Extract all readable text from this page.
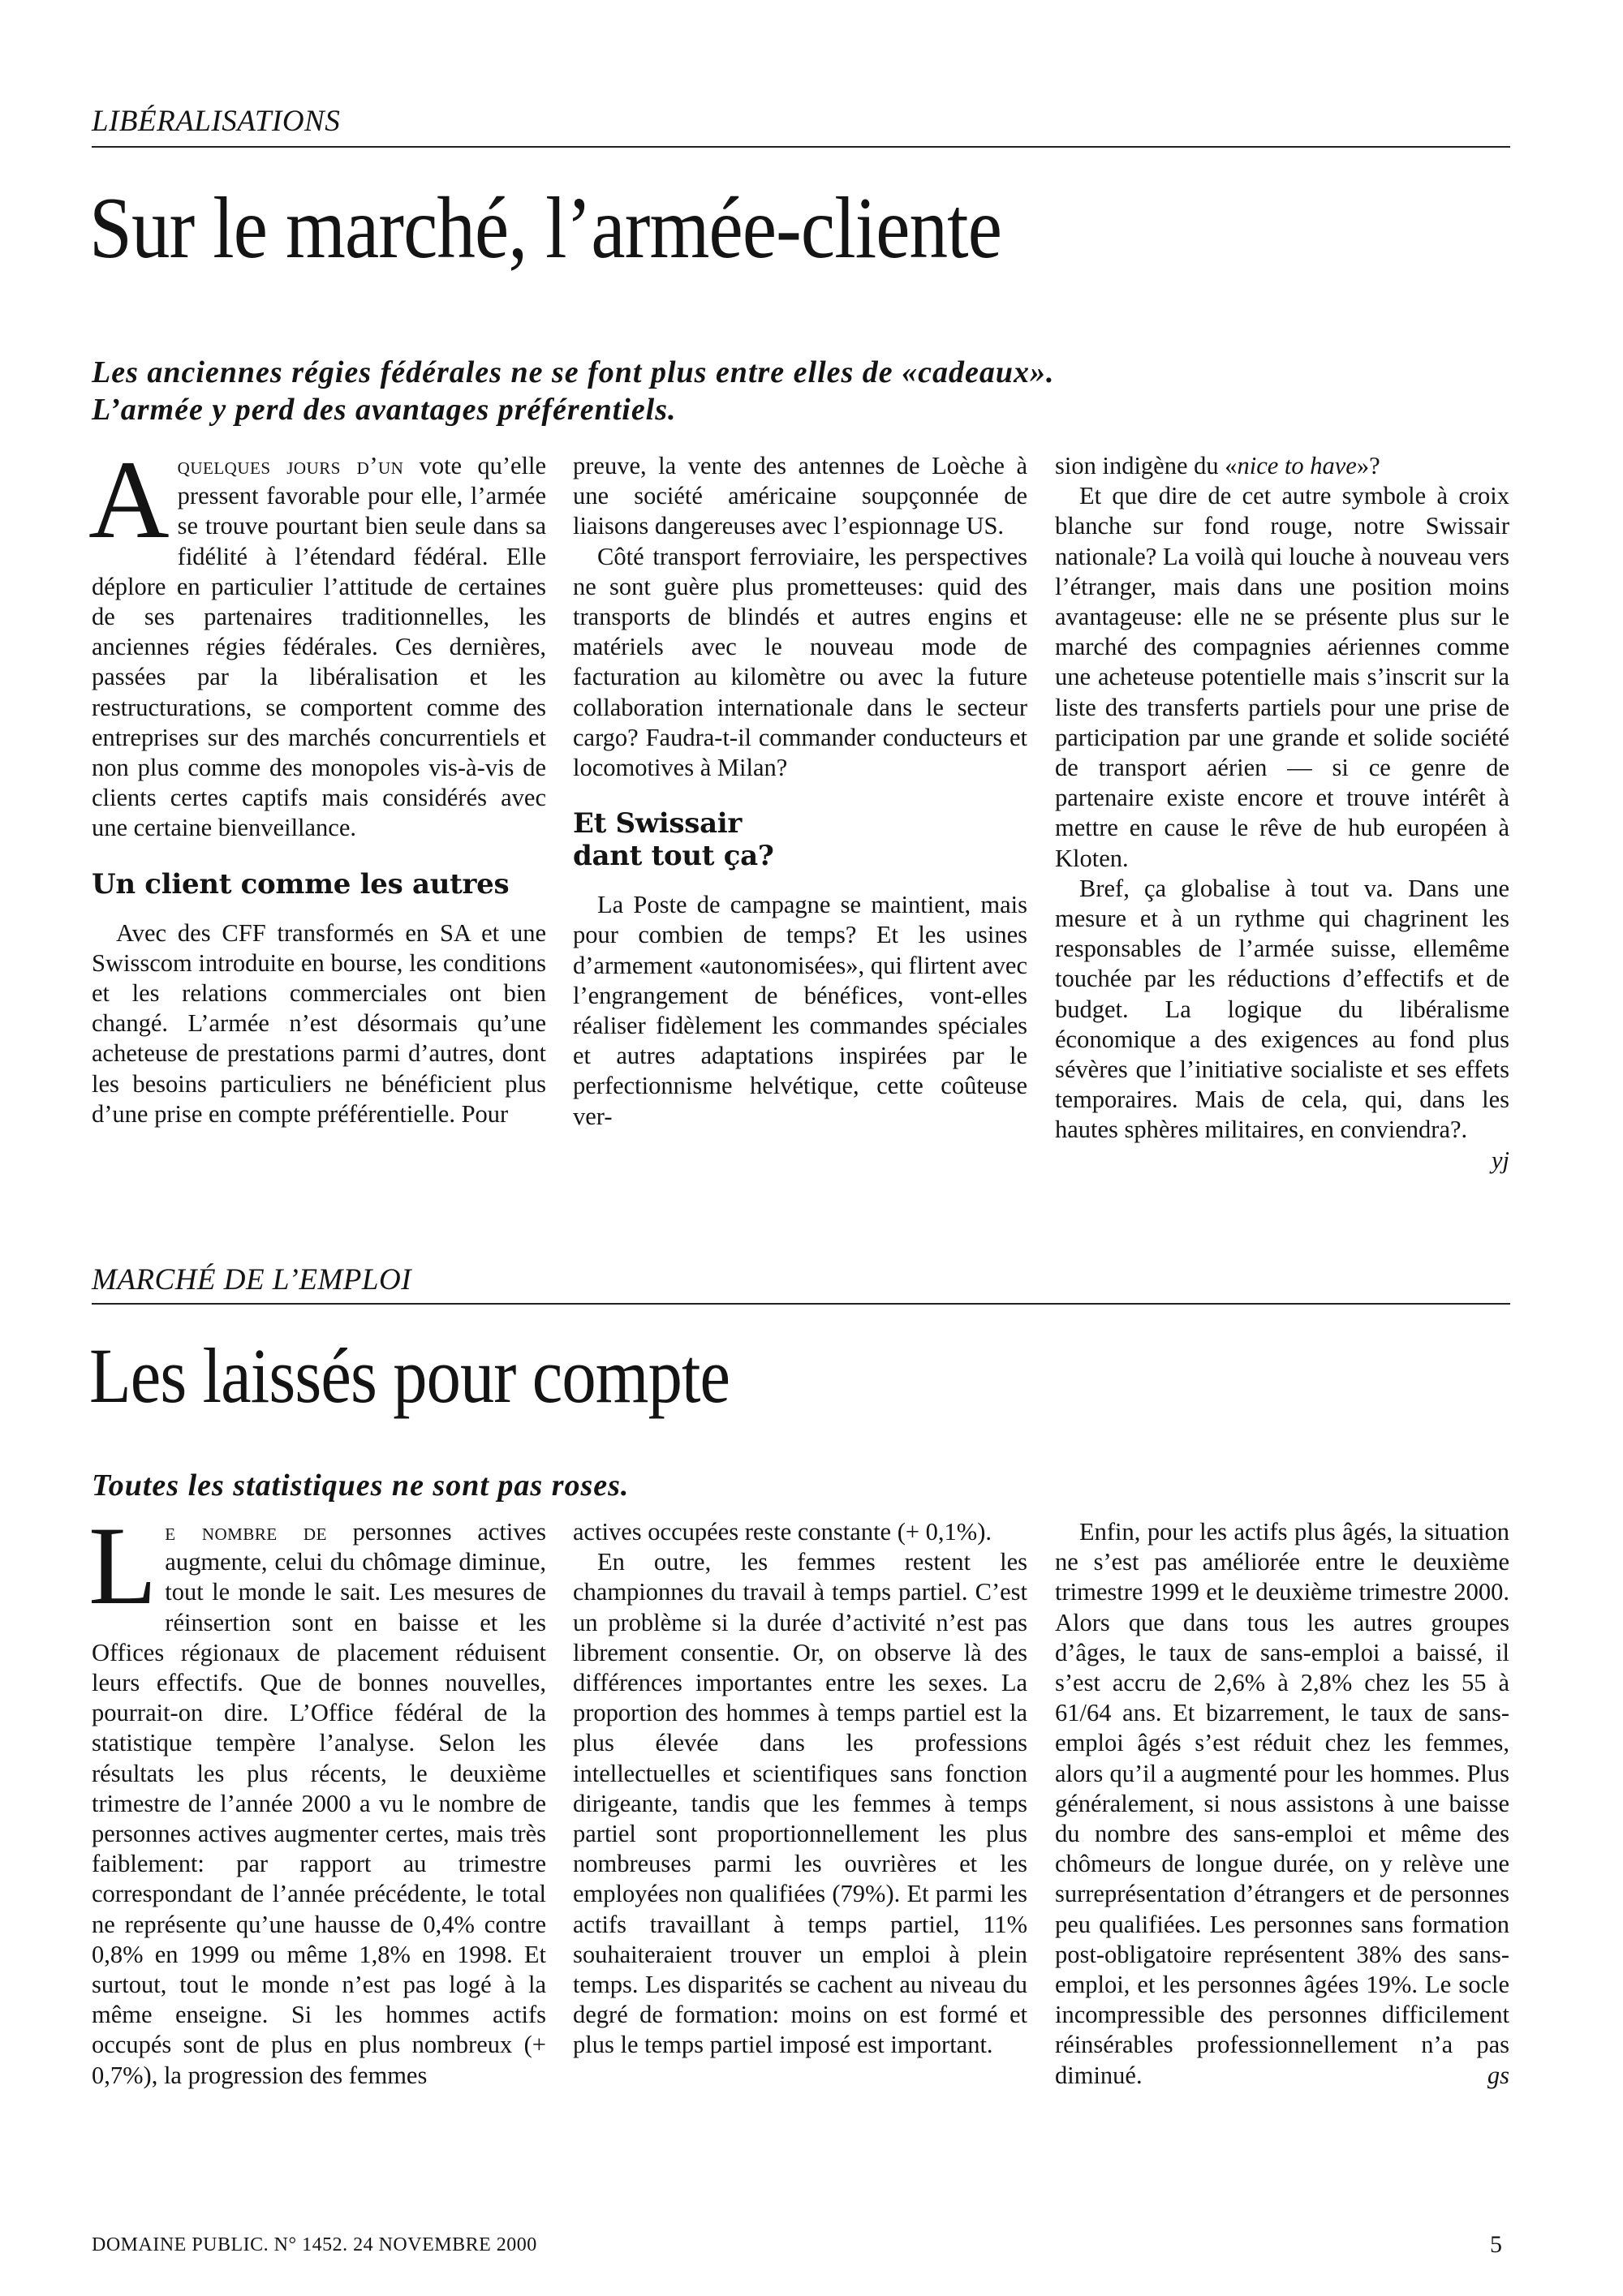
LIBÉRALISATIONS
Sur le marché, l’armée-cliente
Les anciennes régies fédérales ne se font plus entre elles de «cadeaux».
L’armée y perd des avantages préférentiels.

Aquelques jours d’un vote qu’elle pressent favorable pour elle, l’armée se trouve pourtant bien seule dans sa fidélité à l’étendard fédéral. Elle déplore en particulier l’attitude de certaines de ses partenaires traditionnelles, les anciennes régies fédérales. Ces dernières, passées par la libéralisation et les restructurations, se comportent comme des entreprises sur des marchés concurrentiels et non plus comme des monopoles vis-à-vis de clients certes captifs mais considérés avec une certaine bienveillance.

Un client comme les autres

Avec des CFF transformés en SA et une Swisscom introduite en bourse, les conditions et les relations commerciales ont bien changé. L’armée n’est désormais qu’une acheteuse de prestations parmi d’autres, dont les besoins particuliers ne bénéficient plus d’une prise en compte préférentielle. Pour

preuve, la vente des antennes de Loèche à une société américaine soupçonnée de liaisons dangereuses avec l’espionnage US.

Côté transport ferroviaire, les perspectives ne sont guère plus prometteuses: quid des transports de blindés et autres engins et matériels avec le nouveau mode de facturation au kilomètre ou avec la future collaboration internationale dans le secteur cargo? Faudra-t-il commander conducteurs et locomotives à Milan?

Et Swissair
dant tout ça?

La Poste de campagne se maintient, mais pour combien de temps? Et les usines d’armement «autonomisées», qui flirtent avec l’engrangement de bénéfices, vont-elles réaliser fidèlement les commandes spéciales et autres adaptations inspirées par le perfectionnisme helvétique, cette coûteuse ver-

sion indigène du «nice to have»?

Et que dire de cet autre symbole à croix blanche sur fond rouge, notre Swissair nationale? La voilà qui louche à nouveau vers l’étranger, mais dans une position moins avantageuse: elle ne se présente plus sur le marché des compagnies aériennes comme une acheteuse potentielle mais s’inscrit sur la liste des transferts partiels pour une prise de participation par une grande et solide société de transport aérien — si ce genre de partenaire existe encore et trouve intérêt à mettre en cause le rêve de hub européen à Kloten.

Bref, ça globalise à tout va. Dans une mesure et à un rythme qui chagrinent les responsables de l’armée suisse, ellemême touchée par les réductions d’effectifs et de budget. La logique du libéralisme économique a des exigences au fond plus sévères que l’initiative socialiste et ses effets temporaires. Mais de cela, qui, dans les hautes sphères militaires, en conviendra?.
yj

MARCHÉ DE L’EMPLOI
Les laissés pour compte
Toutes les statistiques ne sont pas roses.

Le nombre de personnes actives augmente, celui du chômage diminue, tout le monde le sait. Les mesures de réinsertion sont en baisse et les Offices régionaux de placement réduisent leurs effectifs. Que de bonnes nouvelles, pourrait-on dire. L’Office fédéral de la statistique tempère l’analyse. Selon les résultats les plus récents, le deuxième trimestre de l’année 2000 a vu le nombre de personnes actives augmenter certes, mais très faiblement: par rapport au trimestre correspondant de l’année précédente, le total ne représente qu’une hausse de 0,4% contre 0,8% en 1999 ou même 1,8% en 1998. Et surtout, tout le monde n’est pas logé à la même enseigne. Si les hommes actifs occupés sont de plus en plus nombreux (+ 0,7%), la progression des femmes

actives occupées reste constante (+ 0,1%).

En outre, les femmes restent les championnes du travail à temps partiel. C’est un problème si la durée d’activité n’est pas librement consentie. Or, on observe là des différences importantes entre les sexes. La proportion des hommes à temps partiel est la plus élevée dans les professions intellectuelles et scientifiques sans fonction dirigeante, tandis que les femmes à temps partiel sont proportionnellement les plus nombreuses parmi les ouvrières et les employées non qualifiées (79%). Et parmi les actifs travaillant à temps partiel, 11% souhaiteraient trouver un emploi à plein temps. Les disparités se cachent au niveau du degré de formation: moins on est formé et plus le temps partiel imposé est important.

Enfin, pour les actifs plus âgés, la situation ne s’est pas améliorée entre le deuxième trimestre 1999 et le deuxième trimestre 2000. Alors que dans tous les autres groupes d’âges, le taux de sans-emploi a baissé, il s’est accru de 2,6% à 2,8% chez les 55 à 61/64 ans. Et bizarrement, le taux de sans-emploi âgés s’est réduit chez les femmes, alors qu’il a augmenté pour les hommes. Plus généralement, si nous assistons à une baisse du nombre des sans-emploi et même des chômeurs de longue durée, on y relève une surreprésentation d’étrangers et de personnes peu qualifiées. Les personnes sans formation post-obligatoire représentent 38% des sans-emploi, et les personnes âgées 19%. Le socle incompressible des personnes difficilement réinsérables professionnellement n’a pas diminué.	gs

DOMAINE PUBLIC. N° 1452. 24 NOVEMBRE 2000	5
